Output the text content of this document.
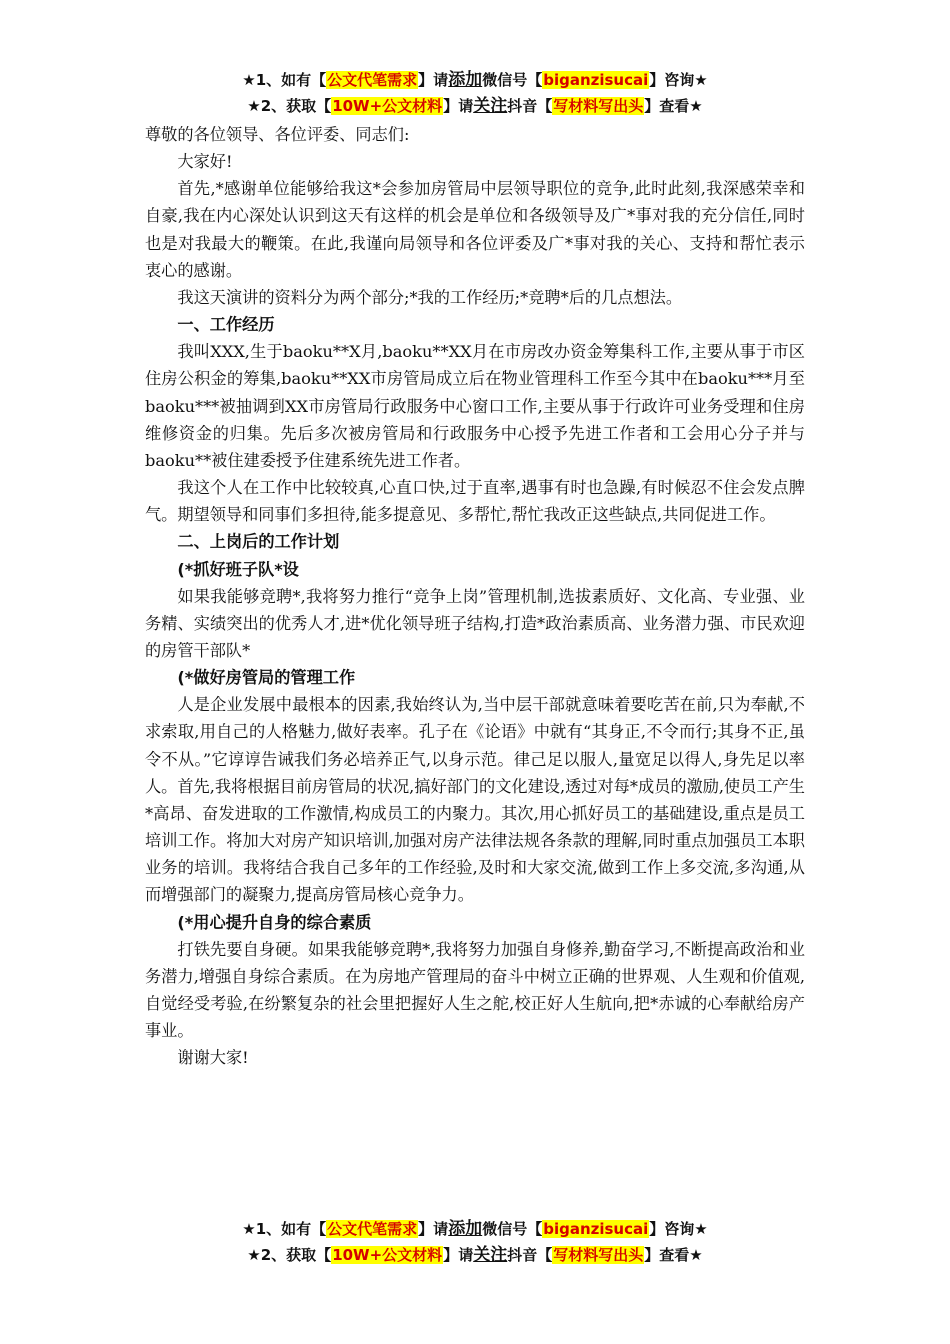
★1、如有【公文代笔需求】请添加微信号【biganzisucai】咨询★
★2、获取【10W+公文材料】请关注抖音【写材料写出头】查看★

尊敬的各位领导、各位评委、同志们:

大家好!

首先,*感谢单位能够给我这*会参加房管局中层领导职位的竞争,此时此刻,我深感荣幸和自豪,我在内心深处认识到这天有这样的机会是单位和各级领导及广*事对我的充分信任,同时也是对我最大的鞭策。在此,我谨向局领导和各位评委及广*事对我的关心、支持和帮忙表示衷心的感谢。

我这天演讲的资料分为两个部分;*我的工作经历;*竞聘*后的几点想法。

一、工作经历

我叫XXX,生于baoku**X月,baoku**XX月在市房改办资金筹集科工作,主要从事于市区住房公积金的筹集,baoku**XX市房管局成立后在物业管理科工作至今其中在baoku***月至baoku***被抽调到XX市房管局行政服务中心窗口工作,主要从事于行政许可业务受理和住房维修资金的归集。先后多次被房管局和行政服务中心授予先进工作者和工会用心分子并与baoku**被住建委授予住建系统先进工作者。

我这个人在工作中比较较真,心直口快,过于直率,遇事有时也急躁,有时候忍不住会发点脾气。期望领导和同事们多担待,能多提意见、多帮忙,帮忙我改正这些缺点,共同促进工作。

二、上岗后的工作计划

(*抓好班子队*设

如果我能够竞聘*,我将努力推行“竞争上岗”管理机制,选拔素质好、文化高、专业强、业务精、实绩突出的优秀人才,进*优化领导班子结构,打造*政治素质高、业务潜力强、市民欢迎的房管干部队*

(*做好房管局的管理工作

人是企业发展中最根本的因素,我始终认为,当中层干部就意味着要吃苦在前,只为奉献,不求索取,用自己的人格魅力,做好表率。孔子在《论语》中就有“其身正,不令而行;其身不正,虽令不从。”它谆谆告诫我们务必培养正气,以身示范。律己足以服人,量宽足以得人,身先足以率人。首先,我将根据目前房管局的状况,搞好部门的文化建设,透过对每*成员的激励,使员工产生*高昂、奋发进取的工作激情,构成员工的内聚力。其次,用心抓好员工的基础建设,重点是员工培训工作。将加大对房产知识培训,加强对房产法律法规各条款的理解,同时重点加强员工本职业务的培训。我将结合我自己多年的工作经验,及时和大家交流,做到工作上多交流,多沟通,从而增强部门的凝聚力,提高房管局核心竞争力。

(*用心提升自身的综合素质

打铁先要自身硬。如果我能够竞聘*,我将努力加强自身修养,勤奋学习,不断提高政治和业务潜力,增强自身综合素质。在为房地产管理局的奋斗中树立正确的世界观、人生观和价值观,自觉经受考验,在纷繁复杂的社会里把握好人生之舵,校正好人生航向,把*赤诚的心奉献给房产事业。

谢谢大家!

★1、如有【公文代笔需求】请添加微信号【biganzisucai】咨询★
★2、获取【10W+公文材料】请关注抖音【写材料写出头】查看★
